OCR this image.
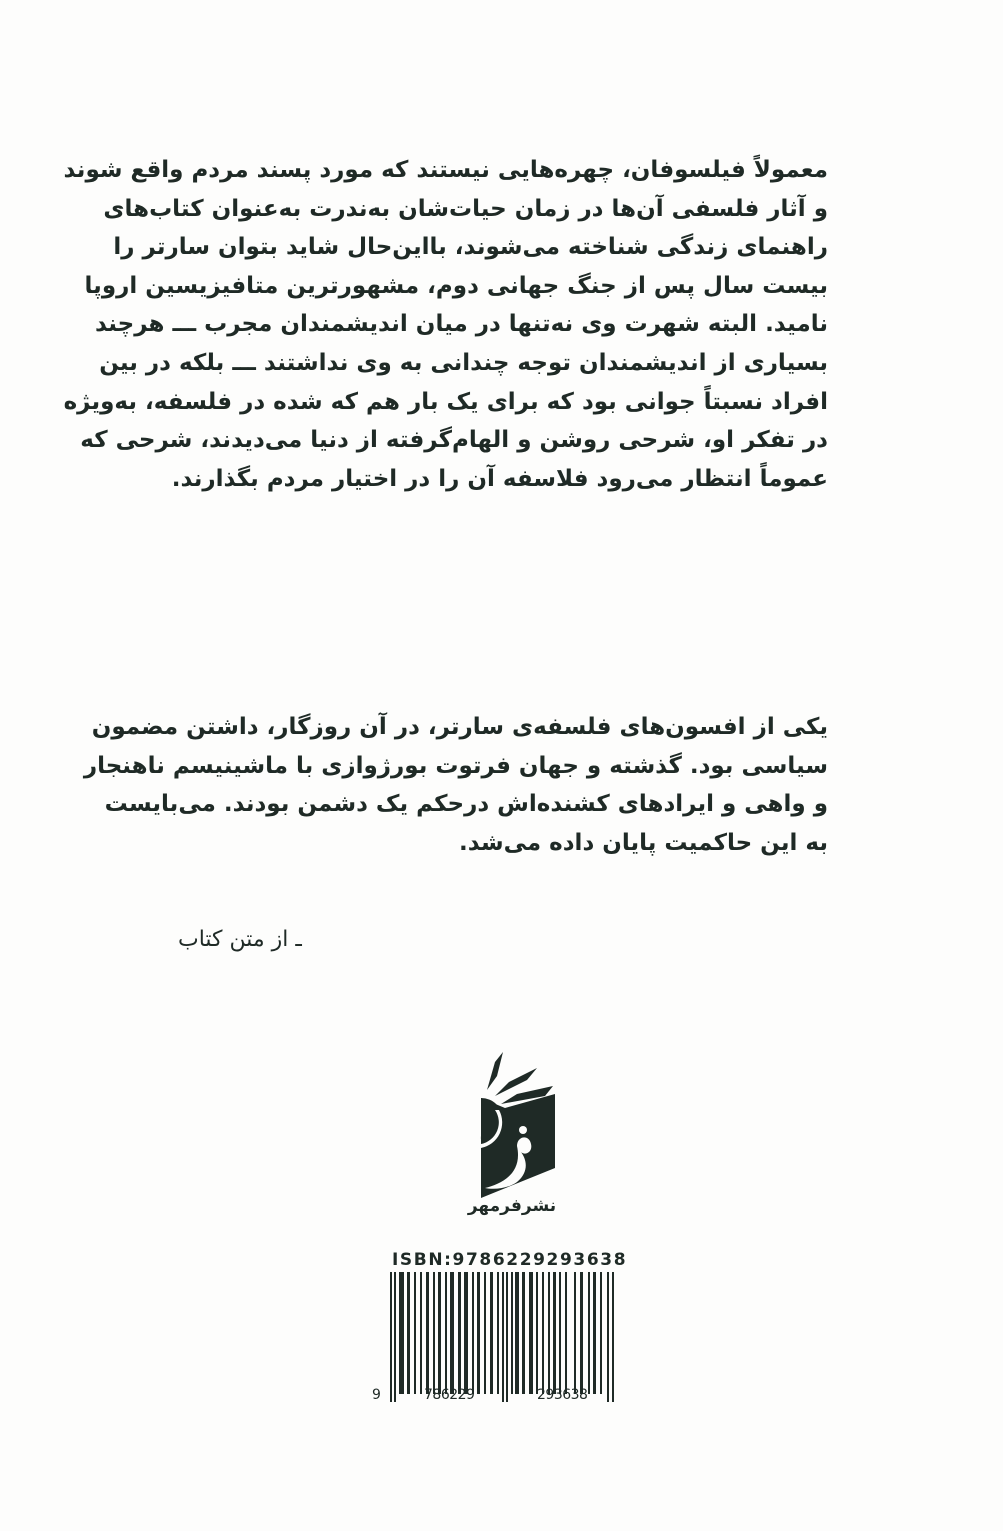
معمولاً فیلسوفان، چهره‌هایی نیستند که مورد پسند مردم واقع شوند
و آثار فلسفی آن‌ها در زمان حیات‌شان به‌ندرت به‌عنوان کتاب‌های
راهنمای زندگی شناخته می‌شوند، بااین‌حال شاید بتوان سارتر را
بیست سال پس از جنگ جهانی دوم، مشهورترین متافیزیسین اروپا
نامید. البته شهرت وی نه‌تنها در میان اندیشمندان مجرب ـــ هرچند
بسیاری از اندیشمندان توجه چندانی به وی نداشتند ـــ بلکه در بین
افراد نسبتاً جوانی بود که برای یک بار هم که شده در فلسفه، به‌ویژه
در تفکر او، شرحی روشن و الهام‌گرفته از دنیا می‌دیدند، شرحی که
عموماً انتظار می‌رود فلاسفه آن را در اختیار مردم بگذارند.
یکی از افسون‌های فلسفه‌ی سارتر، در آن روزگار، داشتن مضمون
سیاسی بود. گذشته و جهان فرتوت بورژوازی با ماشینیسم ناهنجار
و واهی و ایرادهای کشنده‌اش درحکم یک دشمن بودند. می‌بایست
به این حاکمیت پایان داده می‌شد.
ـ از متن کتاب
نشرفرمهر
ISBN:9786229293638
9	786229	293638
